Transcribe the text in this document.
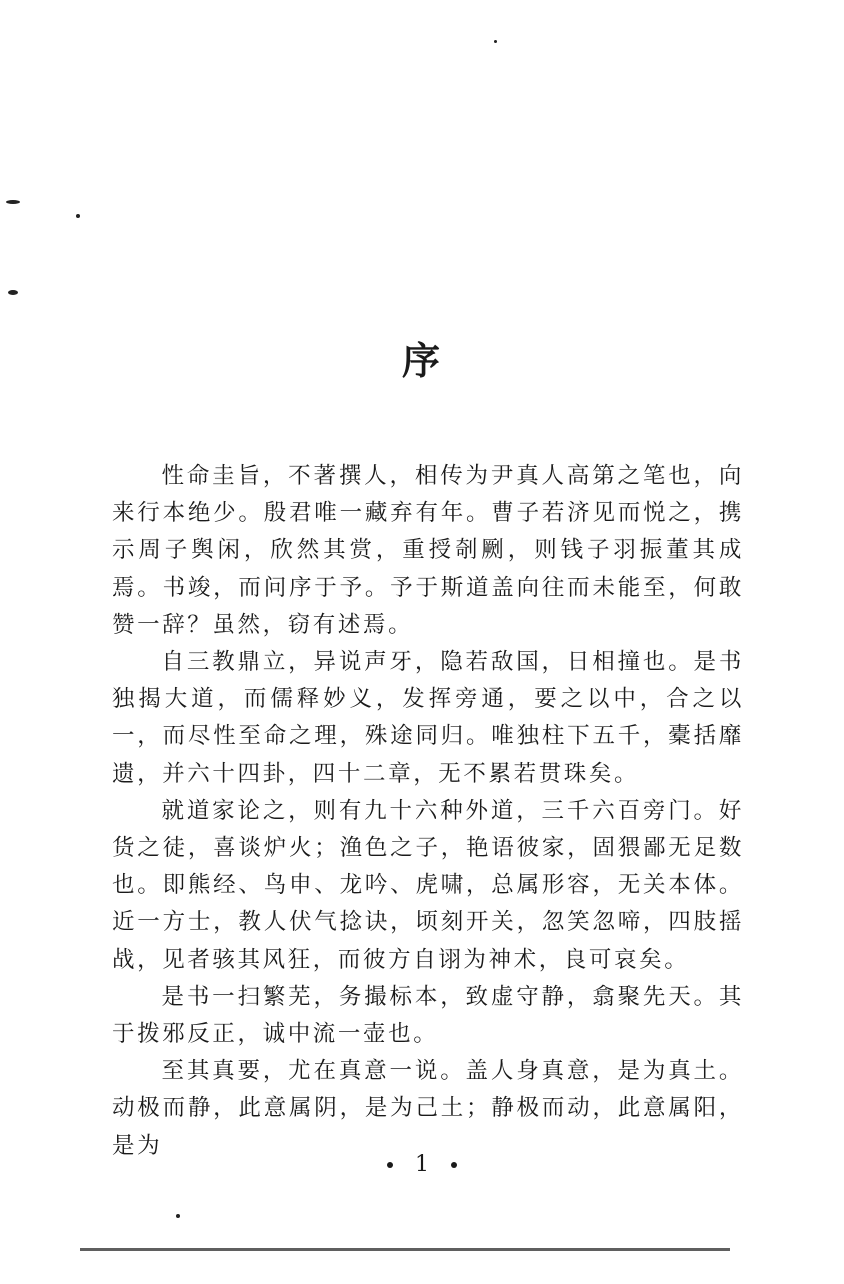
序

性命圭旨，不著撰人，相传为尹真人高第之笔也，向来行本绝少。殷君唯一藏弃有年。曹子若济见而悦之，携示周子舆闲，欣然其赏，重授剞劂，则钱子羽振董其成焉。书竣，而问序于予。予于斯道盖向往而未能至，何敢赞一辞？虽然，窃有述焉。

自三教鼎立，异说声牙，隐若敌国，日相撞也。是书独揭大道，而儒释妙义，发挥旁通，要之以中，合之以一，而尽性至命之理，殊途同归。唯独柱下五千，橐括靡遗，并六十四卦，四十二章，无不累若贯珠矣。

就道家论之，则有九十六种外道，三千六百旁门。好货之徒，喜谈炉火；渔色之子，艳语彼家，固猥鄙无足数也。即熊经、鸟申、龙吟、虎啸，总属形容，无关本体。近一方士，教人伏气捻诀，顷刻开关，忽笑忽啼，四肢摇战，见者骇其风狂，而彼方自诩为神术，良可哀矣。

是书一扫繁芜，务撮标本，致虚守静，翕聚先天。其于拨邪反正，诚中流一壶也。

至其真要，尤在真意一说。盖人身真意，是为真土。动极而静，此意属阴，是为己土；静极而动，此意属阳，是为

1
